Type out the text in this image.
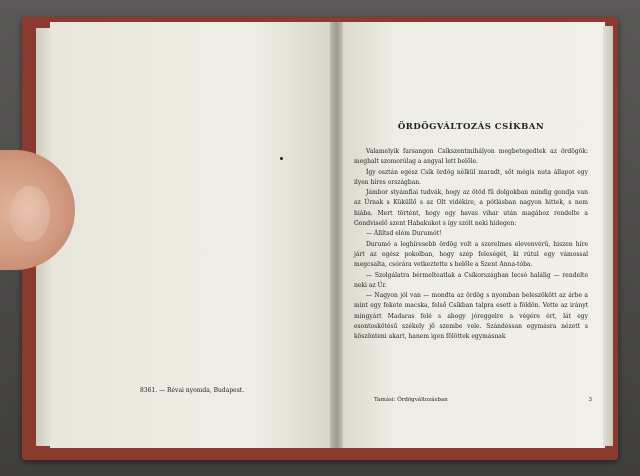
8361. — Révai nyomda, Budapest.
ÖRDÖGVÁLTOZÁS CSÍKBAN

Valamelyik farsangon Csíkszentmihályon megbetegedtek az ördögök: meghalt szomorúlag a angyal lett belőle.

Így osztán egész Csík ördög nélkül maradt, sőt mégis nuta állapot egy ilyen híres országban.

Jámbor styámfiai tudvák, hogy az ötöd fű dolgokban mindig gondja van az Úrnak s Küküllő s az Olt vidékire, a pótlásban nagyon hittek, s nem hiába. Mert történt, hogy egy havas vihar után magához rendelte a Gondviselő szent Habakukot s így szólt neki hidegen:

— Állítsd elém Durumót!

Durumó a leghíresebb ördög volt a szerelmes elevenvérű, hiszen híre járt az egész pokolban, hogy szép feleségét, ki rútul egy vámossal megcsalta, csórára vetkeztette s belőle a Szent Anna-tóba.

— Szolgálatra bérmelteatlak a Csíkországban lecsó halálig — rendelte neki az Úr.

— Nagyon jól van — mondta az ördög s nyomban beleszökött az árbe a mint egy fekete macska, felső Csíkban talpra esett a földön. Vette az irányt mingyárt Madaras felé s ahogy jóreggelre a végére ért, lát egy esontoskötésű székely jő szembe vele. Szándéssan egymásra nézett s köszönteni akart, hanem igen fölöttek egymásnak

Tamási: Ördögváltozásban	3
